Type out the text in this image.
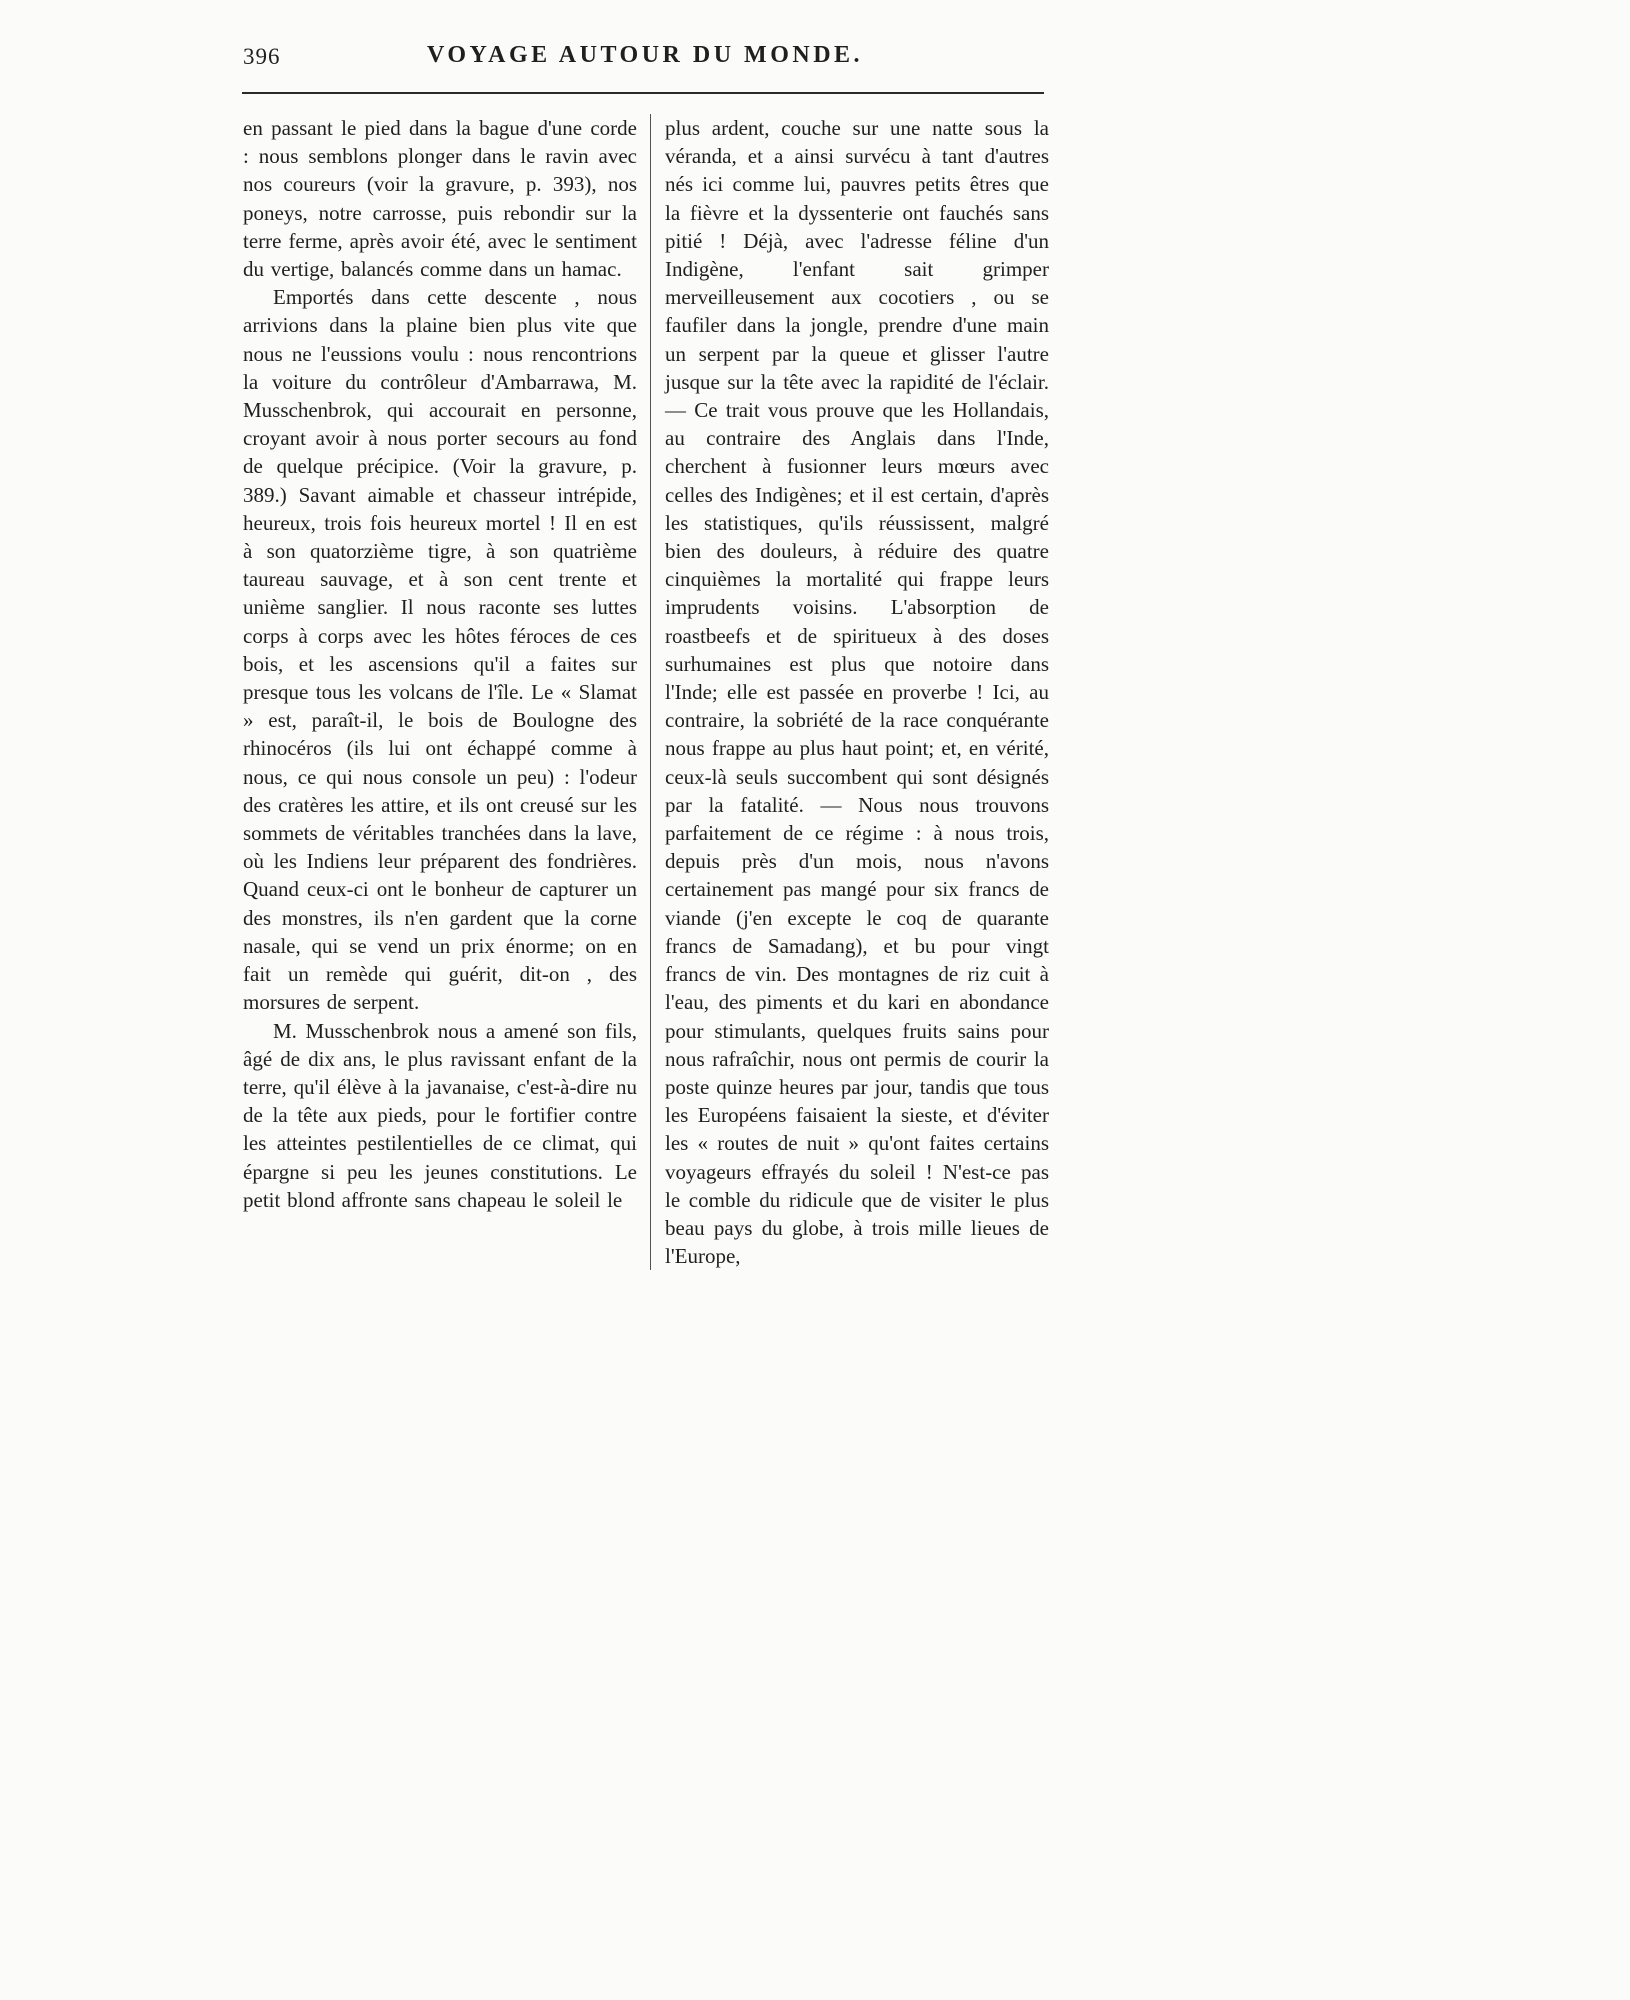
396	VOYAGE AUTOUR DU MONDE.

en passant le pied dans la bague d'une corde : nous semblons plonger dans le ravin avec nos coureurs (voir la gravure, p. 393), nos poneys, notre carrosse, puis rebondir sur la terre ferme, après avoir été, avec le sentiment du vertige, balancés comme dans un hamac.

Emportés dans cette descente , nous arrivions dans la plaine bien plus vite que nous ne l'eussions voulu : nous rencontrions la voiture du contrôleur d'Ambarrawa, M. Musschenbrok, qui accourait en personne, croyant avoir à nous porter secours au fond de quelque précipice. (Voir la gravure, p. 389.) Savant aimable et chasseur intrépide, heureux, trois fois heureux mortel ! Il en est à son quatorzième tigre, à son quatrième taureau sauvage, et à son cent trente et unième sanglier. Il nous raconte ses luttes corps à corps avec les hôtes féroces de ces bois, et les ascensions qu'il a faites sur presque tous les volcans de l'île. Le « Slamat » est, paraît-il, le bois de Boulogne des rhinocéros (ils lui ont échappé comme à nous, ce qui nous console un peu) : l'odeur des cratères les attire, et ils ont creusé sur les sommets de véritables tranchées dans la lave, où les Indiens leur préparent des fondrières. Quand ceux-ci ont le bonheur de capturer un des monstres, ils n'en gardent que la corne nasale, qui se vend un prix énorme; on en fait un remède qui guérit, dit-on , des morsures de serpent.

M. Musschenbrok nous a amené son fils, âgé de dix ans, le plus ravissant enfant de la terre, qu'il élève à la javanaise, c'est-à-dire nu de la tête aux pieds, pour le fortifier contre les atteintes pestilentielles de ce climat, qui épargne si peu les jeunes constitutions. Le petit blond affronte sans chapeau le soleil le

plus ardent, couche sur une natte sous la véranda, et a ainsi survécu à tant d'autres nés ici comme lui, pauvres petits êtres que la fièvre et la dyssenterie ont fauchés sans pitié ! Déjà, avec l'adresse féline d'un Indigène, l'enfant sait grimper merveilleusement aux cocotiers , ou se faufiler dans la jongle, prendre d'une main un serpent par la queue et glisser l'autre jusque sur la tête avec la rapidité de l'éclair. — Ce trait vous prouve que les Hollandais, au contraire des Anglais dans l'Inde, cherchent à fusionner leurs mœurs avec celles des Indigènes; et il est certain, d'après les statistiques, qu'ils réussissent, malgré bien des douleurs, à réduire des quatre cinquièmes la mortalité qui frappe leurs imprudents voisins. L'absorption de roastbeefs et de spiritueux à des doses surhumaines est plus que notoire dans l'Inde; elle est passée en proverbe ! Ici, au contraire, la sobriété de la race conquérante nous frappe au plus haut point; et, en vérité, ceux-là seuls succombent qui sont désignés par la fatalité. — Nous nous trouvons parfaitement de ce régime : à nous trois, depuis près d'un mois, nous n'avons certainement pas mangé pour six francs de viande (j'en excepte le coq de quarante francs de Samadang), et bu pour vingt francs de vin. Des montagnes de riz cuit à l'eau, des piments et du kari en abondance pour stimulants, quelques fruits sains pour nous rafraîchir, nous ont permis de courir la poste quinze heures par jour, tandis que tous les Européens faisaient la sieste, et d'éviter les « routes de nuit » qu'ont faites certains voyageurs effrayés du soleil ! N'est-ce pas le comble du ridicule que de visiter le plus beau pays du globe, à trois mille lieues de l'Europe,
